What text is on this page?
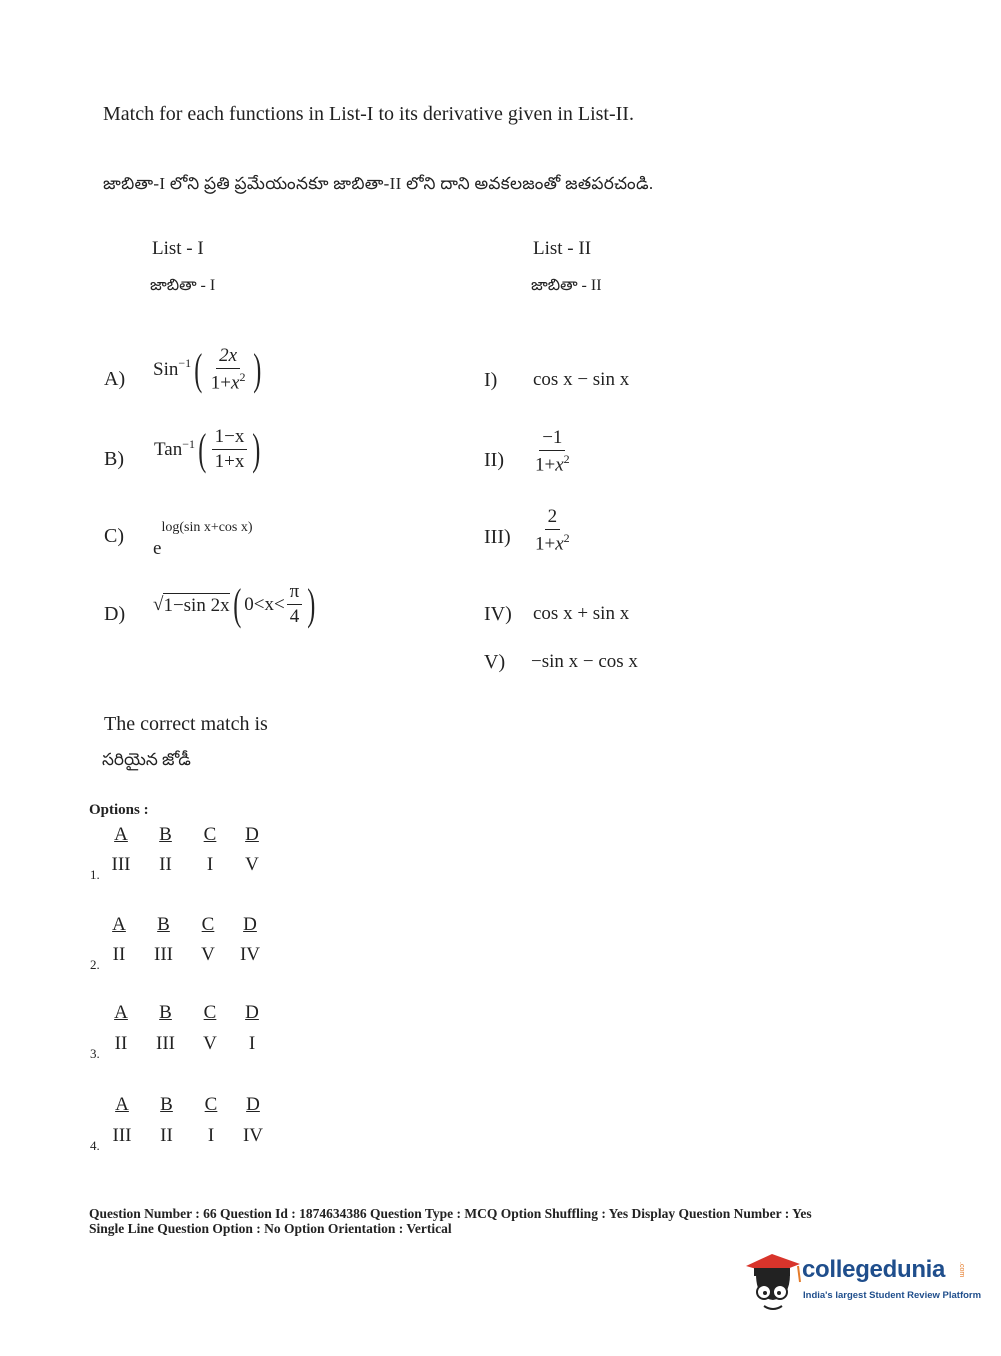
Match for each functions in List-I to its derivative given in List-II.
జాబితా-I లోని ప్రతి ప్రమేయంనకూ జాబితా-II లోని దాని అవకలజంతో జతపరచండి.
List - I
జాబితా - I
List - II
జాబితా - II
A) Sin$^{-1}$ ( $\frac{2x}{1+x^2}$ )
B) Tan$^{-1}$ ( $\frac{1-x}{1+x}$ )
C)
e
log(sin x+cos x)
D) √ 1−sin 2x ( $0<x< \frac{\pi}{4}$ )
I) cos x − sin x
$II) \frac{-1}{1+x^2}$
$III) \frac{2}{1+x^2}$
IV) cos x + sin x
V) −sin x − cos x
The correct match is
సరియైన జోడీ
Options :
A	B	C D
1. III	II	I	V
A	B	C D
2. II III V IV
A	B	C D
3. II III V	I
A	B	C D
4. III	II	I	IV
Question Number : 66 Question Id : 1874634386 Question Type : MCQ Option Shuffling : Yes Display Question Number : Yes
Single Line Question Option : No Option Orientation : Vertical
collegedunia .com
India's largest Student Review Platform
